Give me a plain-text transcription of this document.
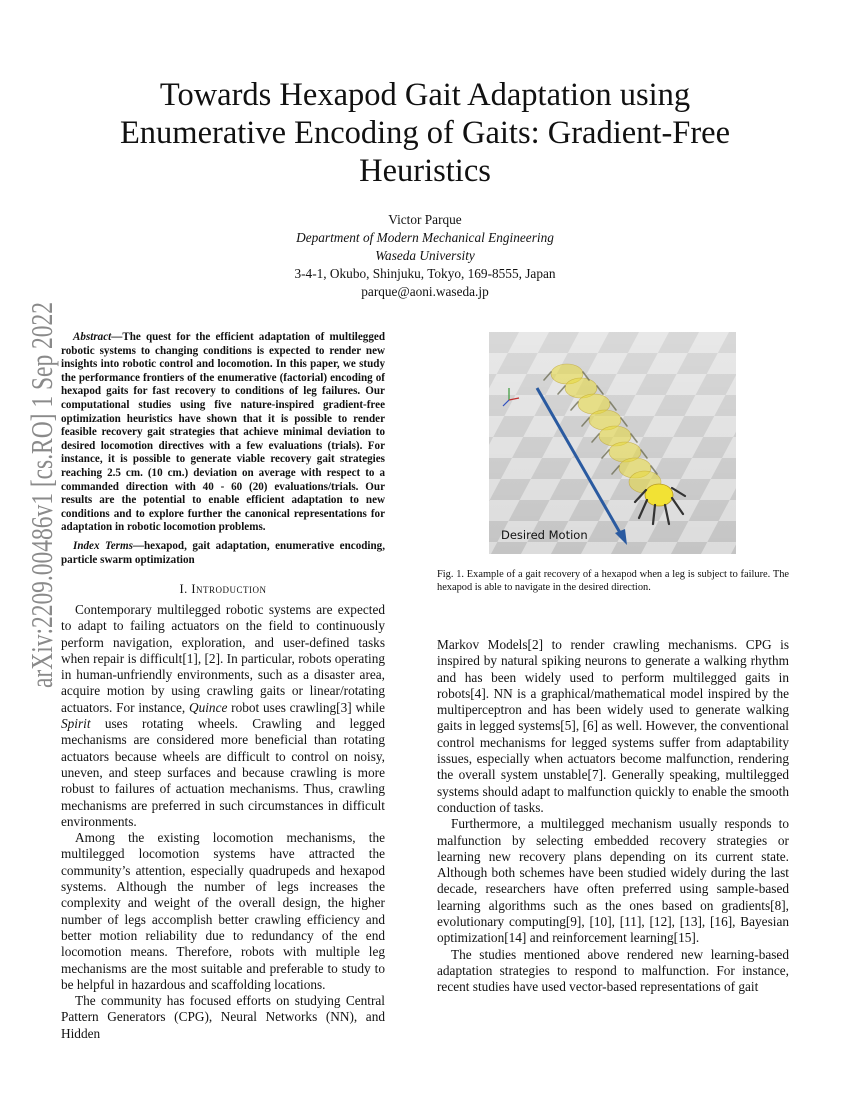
arXiv:2209.00486v1 [cs.RO] 1 Sep 2022
Towards Hexapod Gait Adaptation using Enumerative Encoding of Gaits: Gradient-Free Heuristics
Victor Parque
Department of Modern Mechanical Engineering
Waseda University
3-4-1, Okubo, Shinjuku, Tokyo, 169-8555, Japan
parque@aoni.waseda.jp

Abstract—The quest for the efficient adaptation of multilegged robotic systems to changing conditions is expected to render new insights into robotic control and locomotion. In this paper, we study the performance frontiers of the enumerative (factorial) encoding of hexapod gaits for fast recovery to conditions of leg failures. Our computational studies using five nature-inspired gradient-free optimization heuristics have shown that it is possible to render feasible recovery gait strategies that achieve minimal deviation to desired locomotion directives with a few evaluations (trials). For instance, it is possible to generate viable recovery gait strategies reaching 2.5 cm. (10 cm.) deviation on average with respect to a commanded direction with 40 - 60 (20) evaluations/trials. Our results are the potential to enable efficient adaptation to new conditions and to explore further the canonical representations for adaptation in robotic locomotion problems.

Index Terms—hexapod, gait adaptation, enumerative encoding, particle swarm optimization
I. Introduction

Contemporary multilegged robotic systems are expected to adapt to failing actuators on the field to continuously perform navigation, exploration, and user-defined tasks when repair is difficult[1], [2]. In particular, robots operating in human-unfriendly environments, such as a disaster area, acquire motion by using crawling gaits or linear/rotating actuators. For instance, Quince robot uses crawling[3] while Spirit uses rotating wheels. Crawling and legged mechanisms are considered more beneficial than rotating actuators because wheels are difficult to control on noisy, uneven, and steep surfaces and because crawling is more robust to failures of actuation mechanisms. Thus, crawling mechanisms are preferred in such circumstances in difficult environments.

Among the existing locomotion mechanisms, the multilegged locomotion systems have attracted the community’s attention, especially quadrupeds and hexapod systems. Although the number of legs increases the complexity and weight of the overall design, the higher number of legs accomplish better crawling efficiency and better motion reliability due to redundancy of the end locomotion means. Therefore, robots with multiple leg mechanisms are the most suitable and preferable to study to be helpful in hazardous and scaffolding locations.

The community has focused efforts on studying Central Pattern Generators (CPG), Neural Networks (NN), and Hidden

Desired Motion
Fig. 1. Example of a gait recovery of a hexapod when a leg is subject to failure. The hexapod is able to navigate in the desired direction.

Markov Models[2] to render crawling mechanisms. CPG is inspired by natural spiking neurons to generate a walking rhythm and has been widely used to perform multilegged gaits in robots[4]. NN is a graphical/mathematical model inspired by the multiperceptron and has been widely used to generate walking gaits in legged systems[5], [6] as well. However, the conventional control mechanisms for legged systems suffer from adaptability issues, especially when actuators become malfunction, rendering the overall system unstable[7]. Generally speaking, multilegged systems should adapt to malfunction quickly to enable the smooth conduction of tasks.

Furthermore, a multilegged mechanism usually responds to malfunction by selecting embedded recovery strategies or learning new recovery plans depending on its current state. Although both schemes have been studied widely during the last decade, researchers have often preferred using sample-based learning algorithms such as the ones based on gradients[8], evolutionary computing[9], [10], [11], [12], [13], [16], Bayesian optimization[14] and reinforcement learning[15].

The studies mentioned above rendered new learning-based adaptation strategies to respond to malfunction. For instance, recent studies have used vector-based representations of gait
